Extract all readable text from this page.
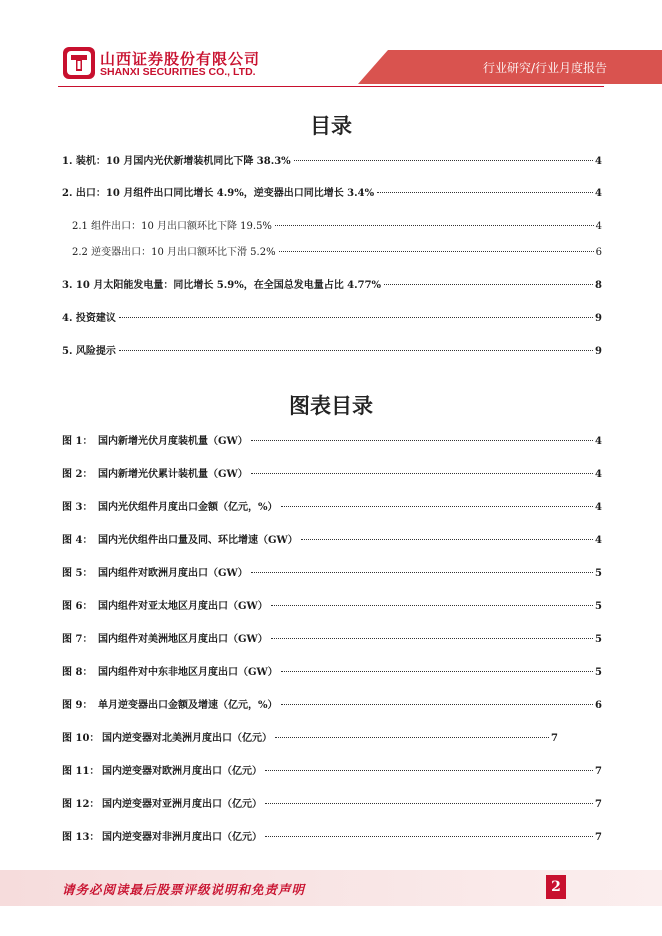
山西证券股份有限公司
SHANXI SECURITIES CO., LTD.	行业研究/行业月度报告
目录
1. 装机：10 月国内光伏新增装机同比下降 38.3%	4
2. 出口：10 月组件出口同比增长 4.9%，逆变器出口同比增长 3.4%	4
2.1 组件出口：10 月出口额环比下降 19.5%	4
2.2 逆变器出口：10 月出口额环比下滑 5.2%	6
3. 10 月太阳能发电量：同比增长 5.9%，在全国总发电量占比 4.77%	8
4. 投资建议	9
5. 风险提示	9
图表目录
图 1： 国内新增光伏月度装机量（GW）	4
图 2： 国内新增光伏累计装机量（GW）	4
图 3： 国内光伏组件月度出口金额（亿元，%）	4
图 4： 国内光伏组件出口量及同、环比增速（GW）	4
图 5： 国内组件对欧洲月度出口（GW）	5
图 6： 国内组件对亚太地区月度出口（GW）	5
图 7： 国内组件对美洲地区月度出口（GW）	5
图 8： 国内组件对中东非地区月度出口（GW）	5
图 9： 单月逆变器出口金额及增速（亿元，%）	6
图 10： 国内逆变器对北美洲月度出口（亿元）	7
图 11： 国内逆变器对欧洲月度出口（亿元）	7
图 12： 国内逆变器对亚洲月度出口（亿元）	7
图 13： 国内逆变器对非洲月度出口（亿元）	7
请务必阅读最后股票评级说明和免责声明	2
